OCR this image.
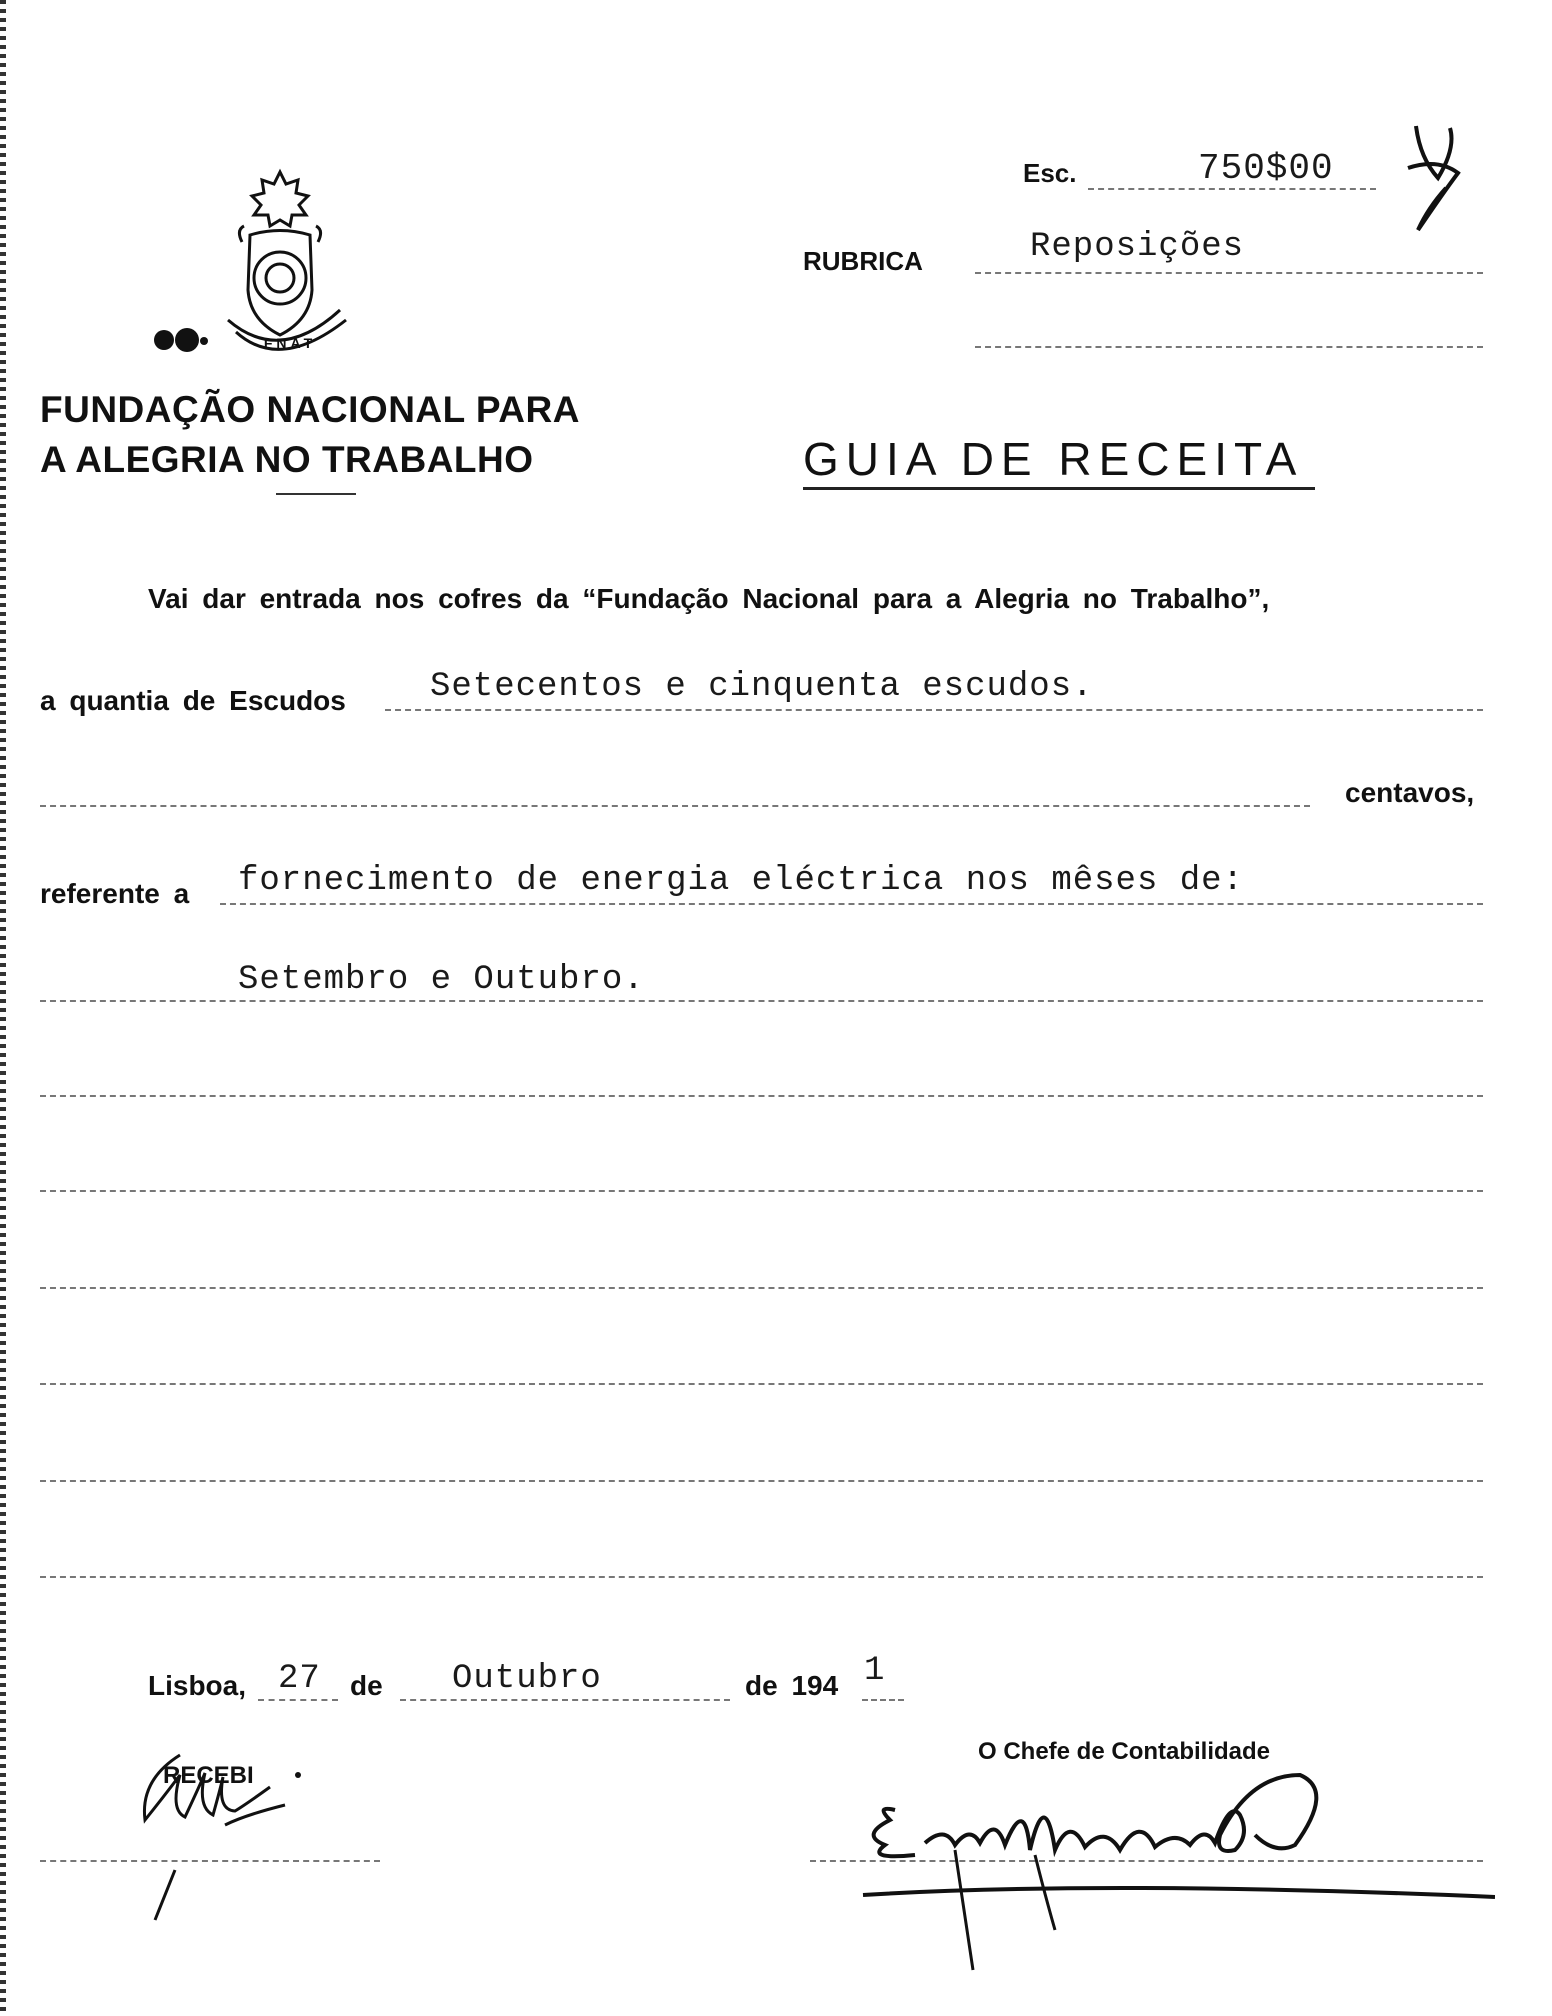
FNAT
FUNDAÇÃO NACIONAL PARA
A ALEGRIA NO TRABALHO
Esc.	750$00
RUBRICA	Reposições
GUIA DE RECEITA
Vai dar entrada nos cofres da “Fundação Nacional para a Alegria no Trabalho”,
a quantia de Escudos Setecentos e cinquenta escudos.
centavos,
referente a fornecimento de energia eléctrica nos mêses de:
Setembro e Outubro.
Lisboa, 27 de Outubro	de 194 1
RECEBI
O Chefe de Contabilidade
